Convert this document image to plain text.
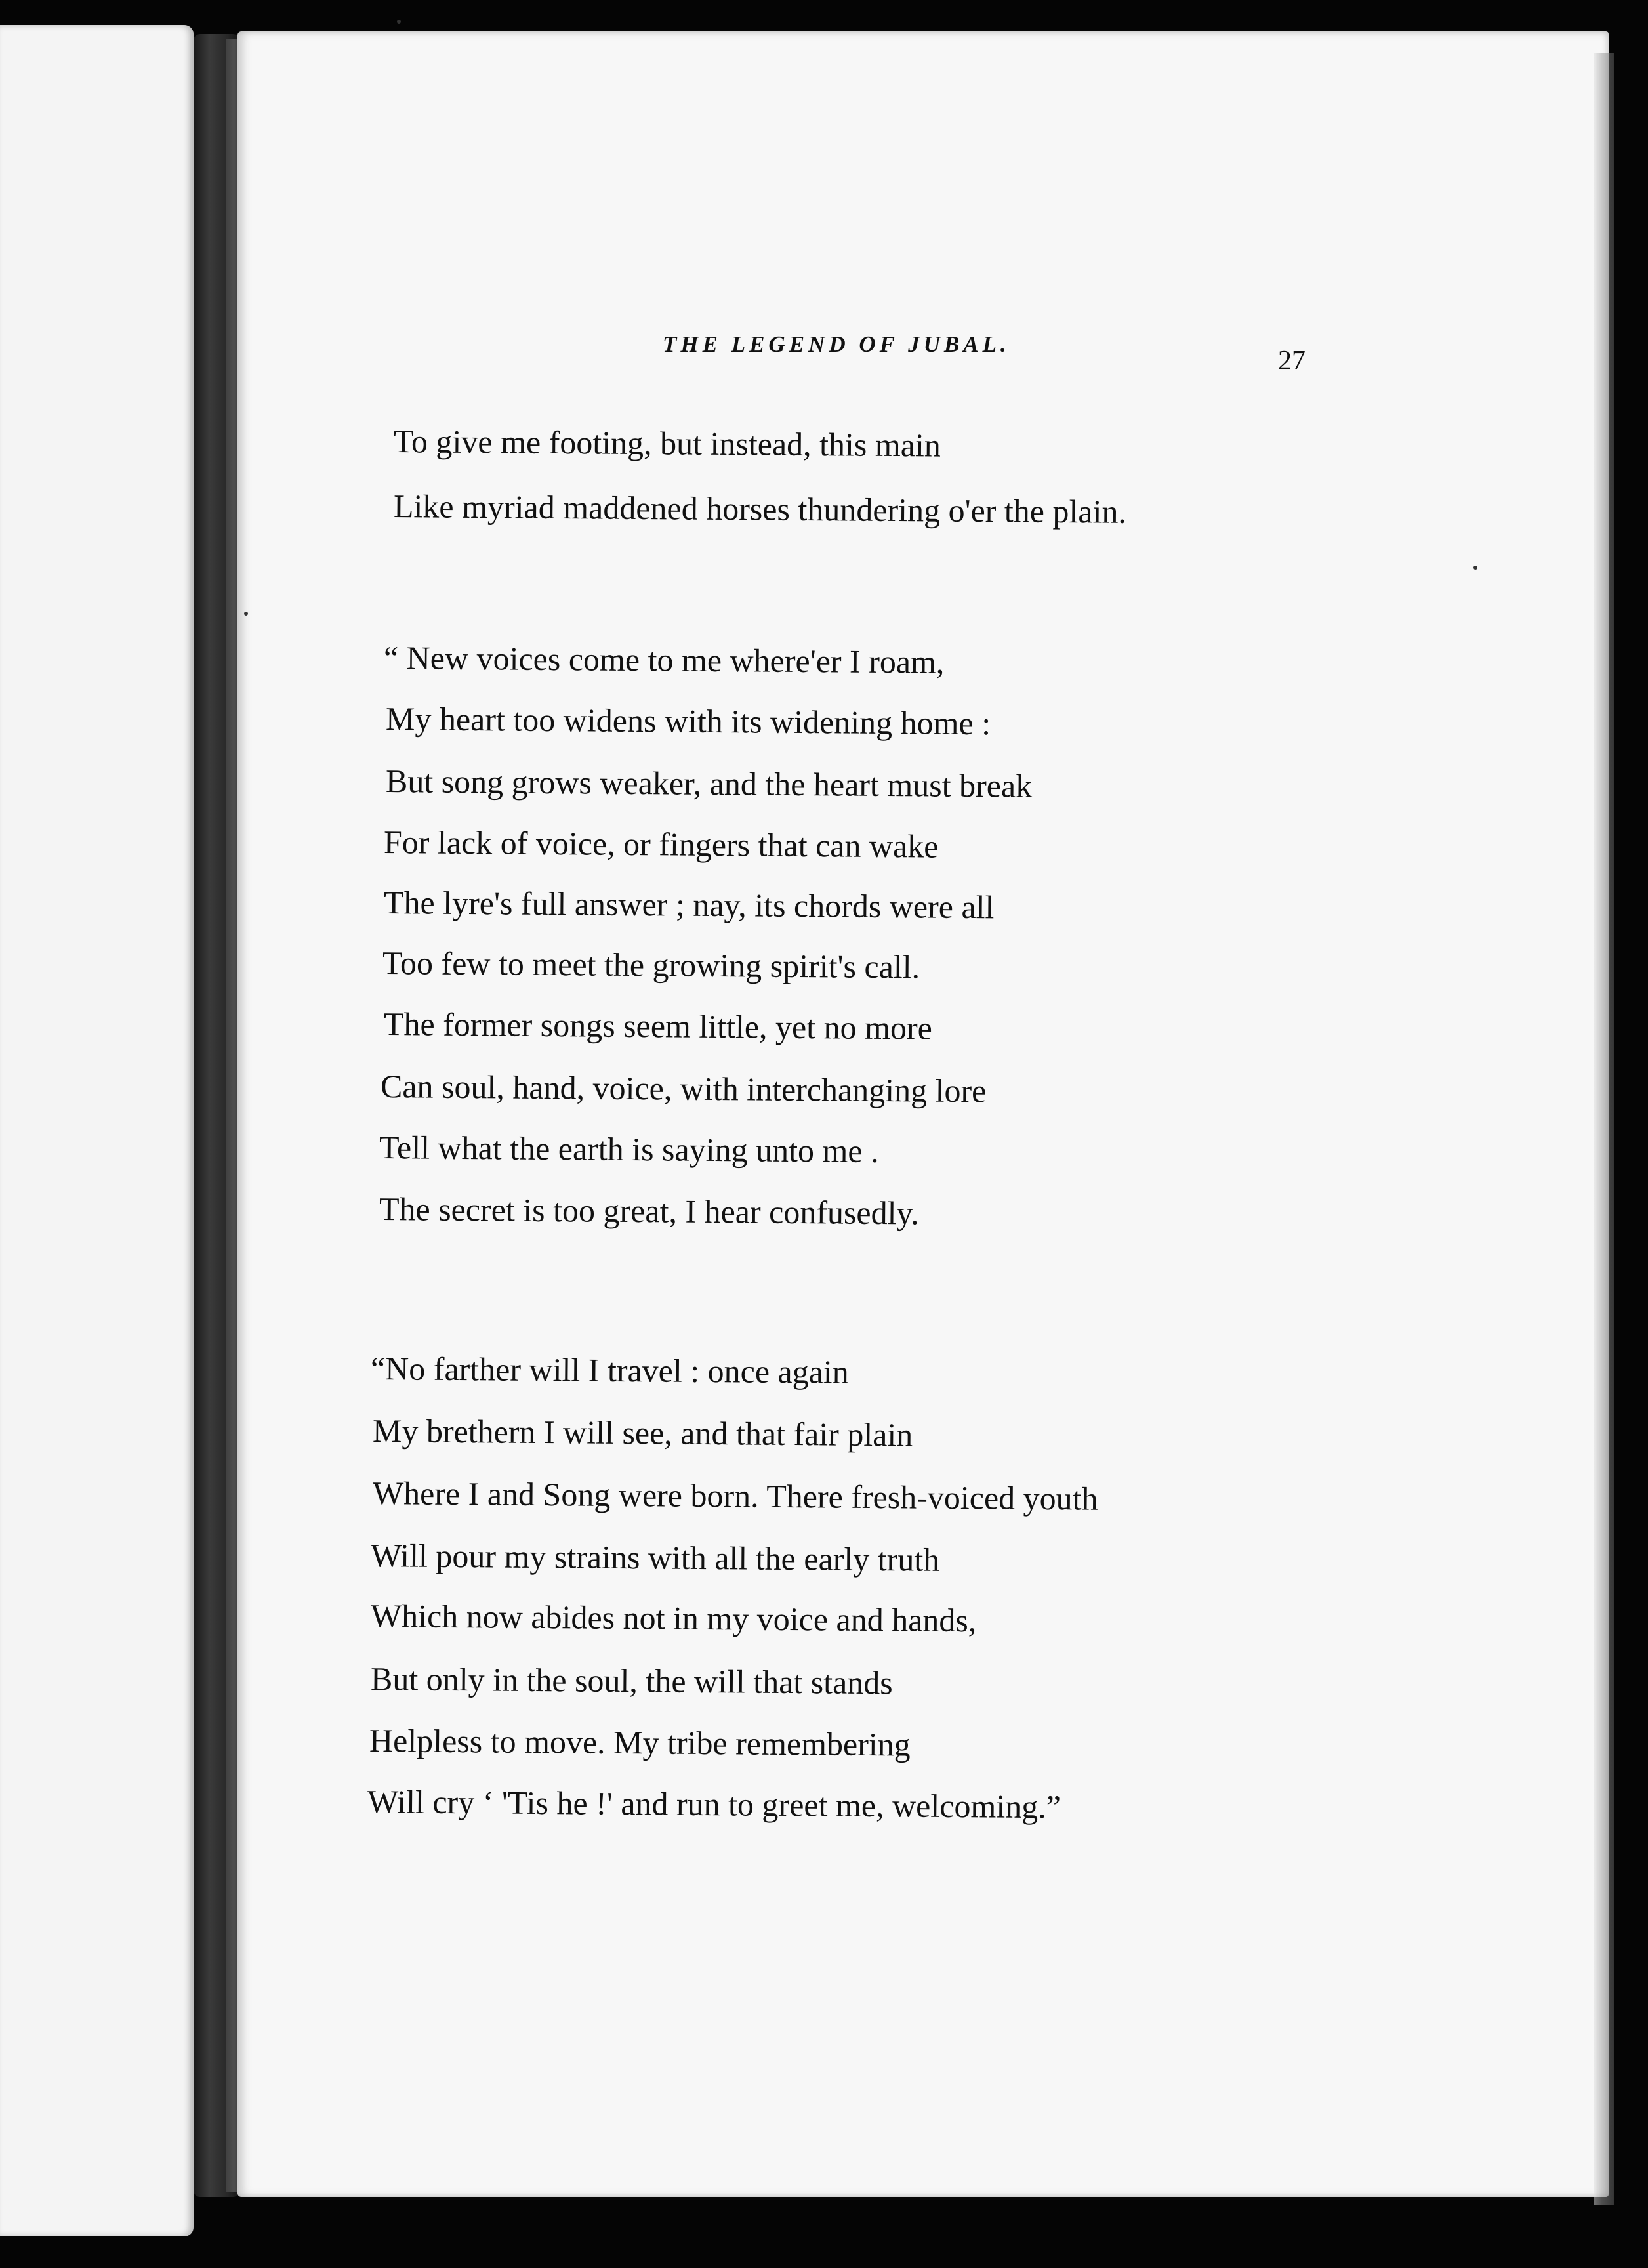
THE LEGEND OF JUBAL.
27
To give me footing, but instead, this main
Like myriad maddened horses thundering o'er the plain.
“ New voices come to me where'er I roam,
My heart too widens with its widening home :
But song grows weaker, and the heart must break
For lack of voice, or fingers that can wake
The lyre's full answer ; nay, its chords were all
Too few to meet the growing spirit's call.
The former songs seem little, yet no more
Can soul, hand, voice, with interchanging lore
Tell what the earth is saying unto me .
The secret is too great, I hear confusedly.
“No farther will I travel : once again
My brethern I will see, and that fair plain
Where I and Song were born. There fresh-voiced youth
Will pour my strains with all the early truth
Which now abides not in my voice and hands,
But only in the soul, the will that stands
Helpless to move. My tribe remembering
Will cry ‘ 'Tis he !' and run to greet me, welcoming.”
